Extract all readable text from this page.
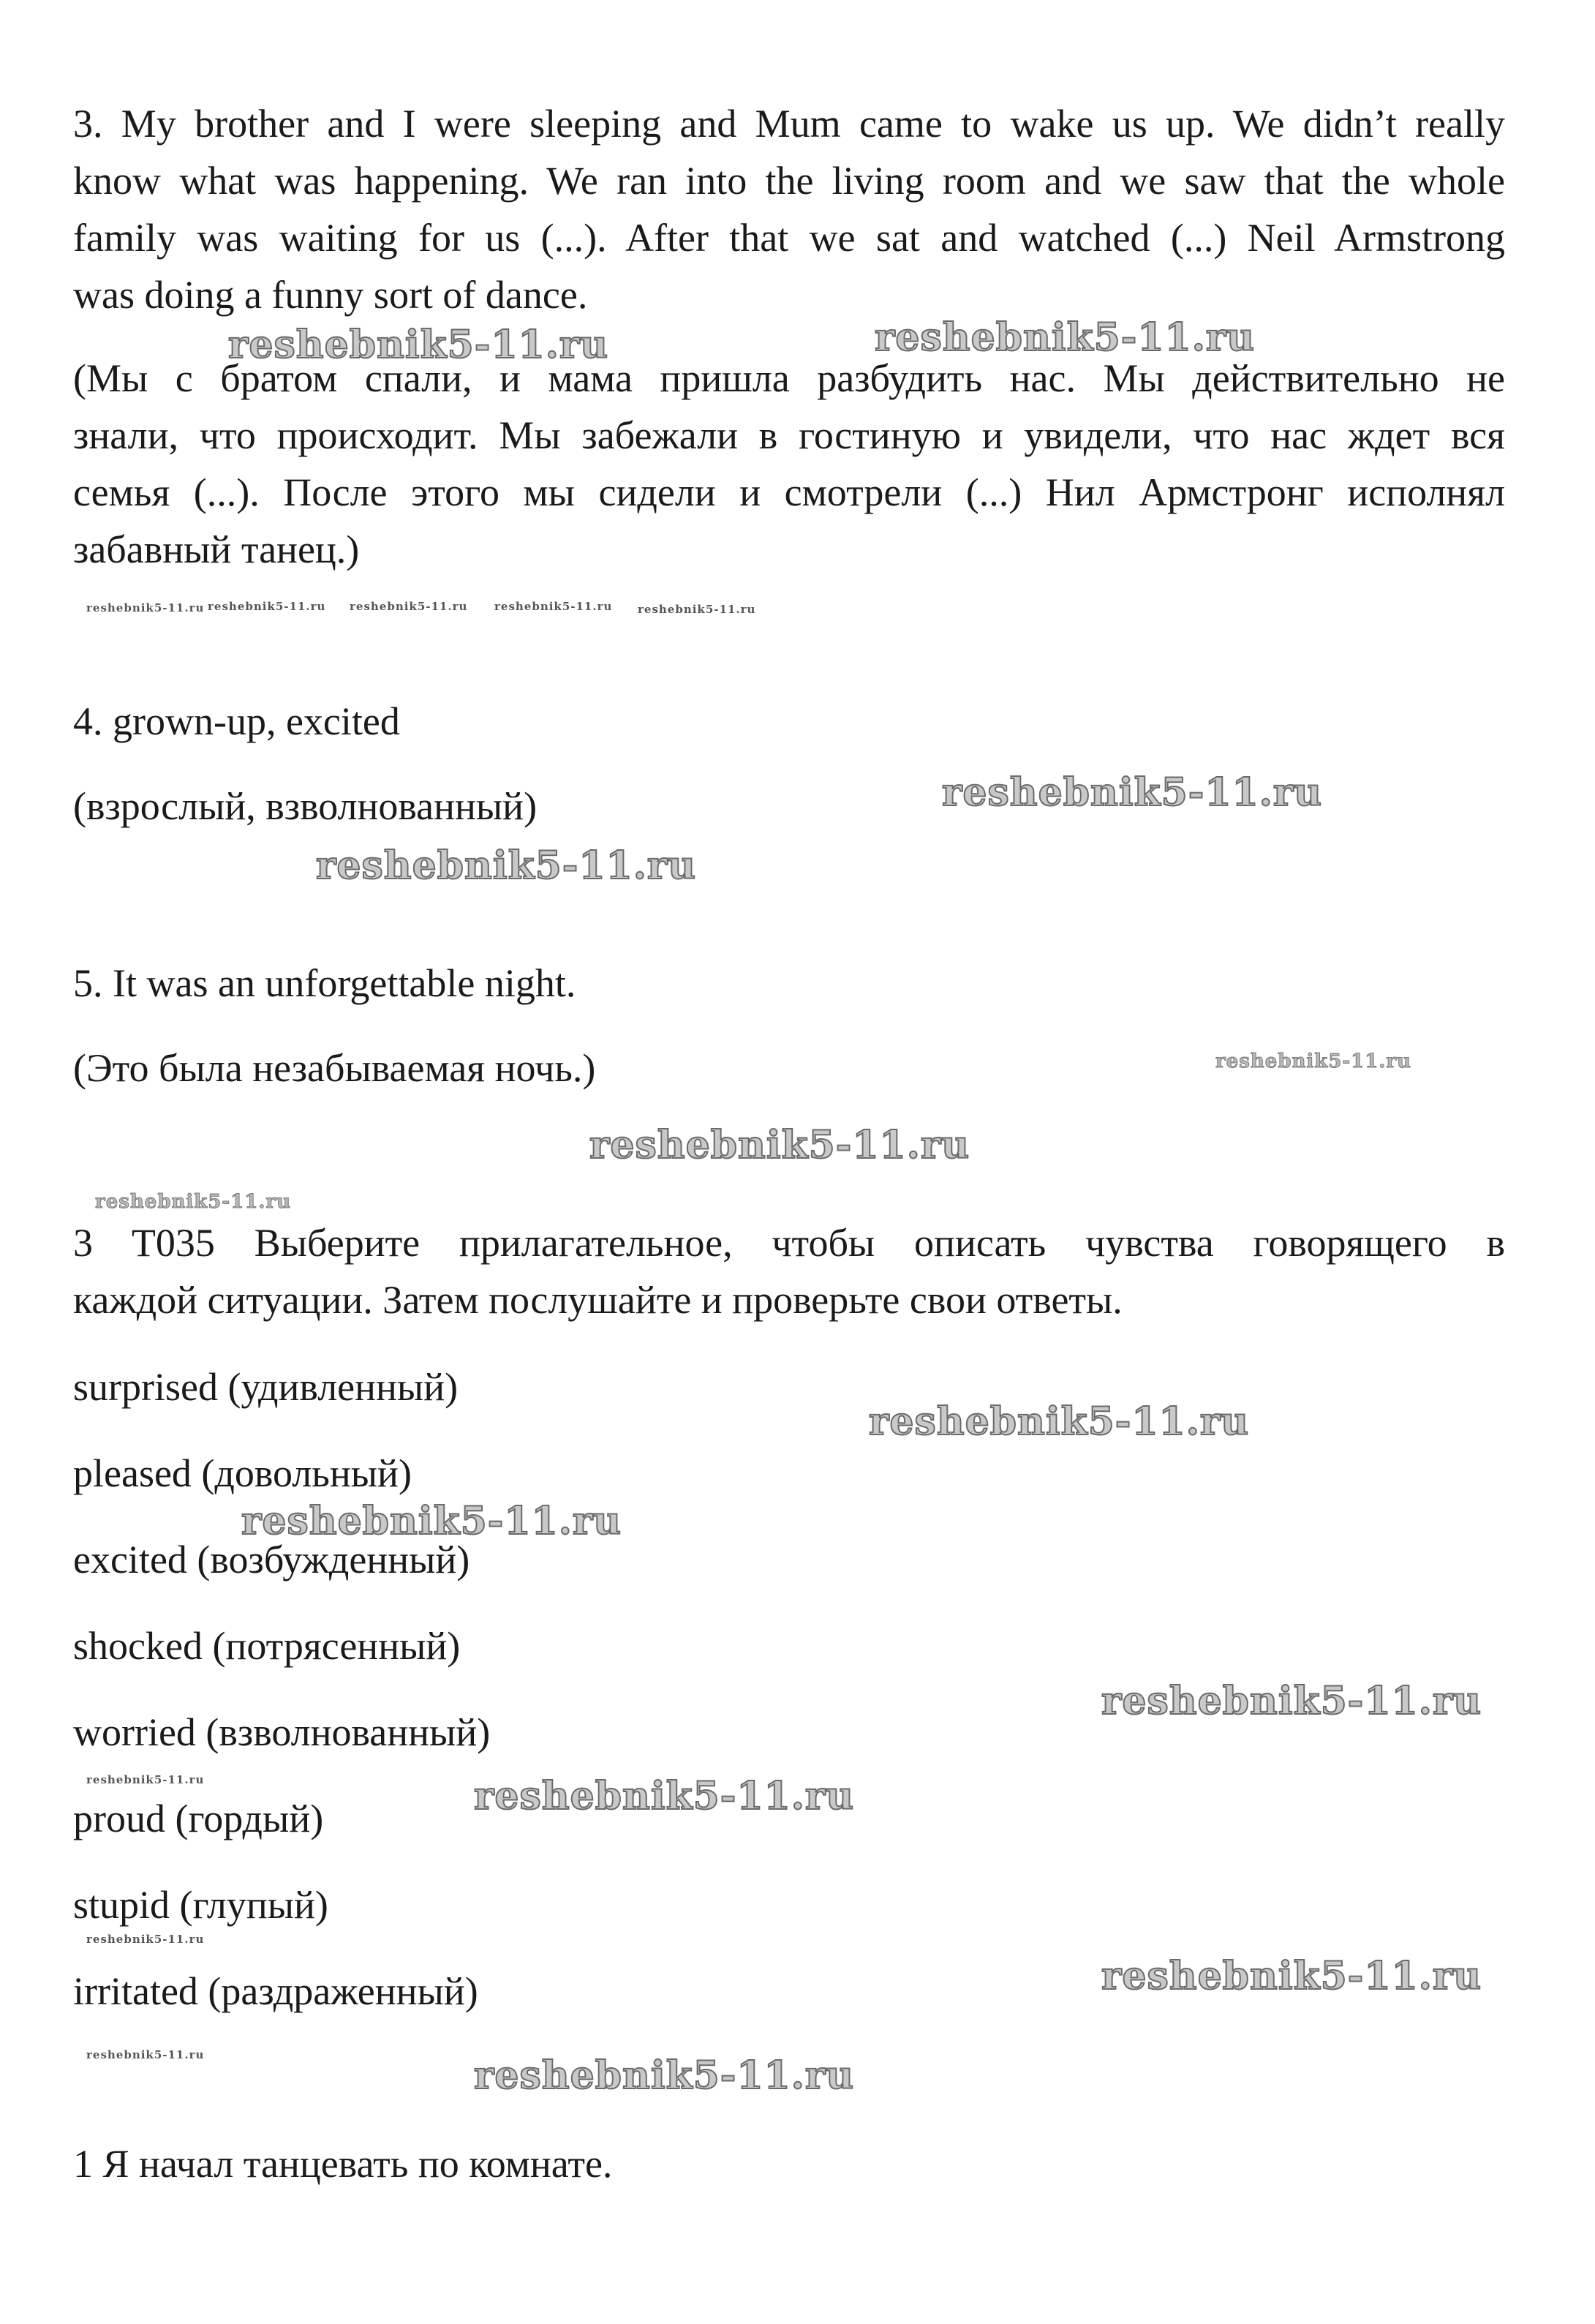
3. My brother and I were sleeping and Mum came to wake us up. We didn’t really
know what was happening. We ran into the living room and we saw that the whole
family was waiting for us (...). After that we sat and watched (...) Neil Armstrong
was doing a funny sort of dance.
(Мы с братом спали, и мама пришла разбудить нас. Мы действительно не
знали, что происходит. Мы забежали в гостиную и увидели, что нас ждет вся
семья (...). После этого мы сидели и смотрели (...) Нил Армстронг исполнял
забавный танец.)

4. grown-up, excited

(взрослый, взволнованный)

5. It was an unforgettable night.

(Это была незабываемая ночь.)

3 T035 Выберите прилагательное, чтобы описать чувства говорящего в
каждой ситуации. Затем послушайте и проверьте свои ответы.

surprised (удивленный)

pleased (довольный)

excited (возбужденный)

shocked (потрясенный)

worried (взволнованный)

proud (гордый)

stupid (глупый)

irritated (раздраженный)

1 Я начал танцевать по комнате.

reshebnik5-11.ru	reshebnik5-11.ru

reshebnik5-11.ru reshebnik5-11.ru reshebnik5-11.ru reshebnik5-11.ru reshebnik5-11.ru

reshebnik5-11.ru

reshebnik5-11.ru

reshebnik5-11.ru

reshebnik5-11.ru

reshebnik5-11.ru

reshebnik5-11.ru

reshebnik5-11.ru

reshebnik5-11.ru

reshebnik5-11.ru	reshebnik5-11.ru

reshebnik5-11.ru

reshebnik5-11.ru

reshebnik5-11.ru	reshebnik5-11.ru
